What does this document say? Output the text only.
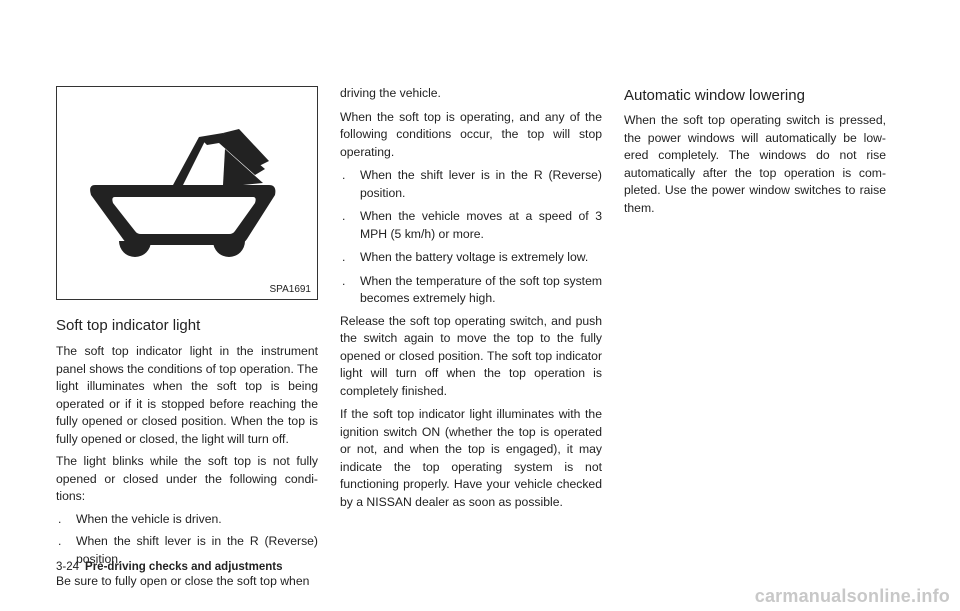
SPA1691
Soft top indicator light

The soft top indicator light in the instrument panel shows the conditions of top operation. The light illuminates when the soft top is being operated or if it is stopped before reaching the fully opened or closed position. When the top is fully opened or closed, the light will turn off.

The light blinks while the soft top is not fully opened or closed under the following condi-tions:

. When the vehicle is driven.
. When the shift lever is in the R (Reverse) position.

Be sure to fully open or close the soft top when

driving the vehicle.

When the soft top is operating, and any of the following conditions occur, the top will stop operating.

. When the shift lever is in the R (Reverse) position.
. When the vehicle moves at a speed of 3 MPH (5 km/h) or more.
. When the battery voltage is extremely low.
. When the temperature of the soft top system becomes extremely high.

Release the soft top operating switch, and push the switch again to move the top to the fully opened or closed position. The soft top indicator light will turn off when the top operation is completely finished.

If the soft top indicator light illuminates with the ignition switch ON (whether the top is operated or not, and when the top is engaged), it may indicate the top operating system is not functioning properly. Have your vehicle checked by a NISSAN dealer as soon as possible.

Automatic window lowering

When the soft top operating switch is pressed, the power windows will automatically be low-ered completely. The windows do not rise automatically after the top operation is com-pleted. Use the power window switches to raise them.

3-24 Pre-driving checks and adjustments
carmanualsonline.info
